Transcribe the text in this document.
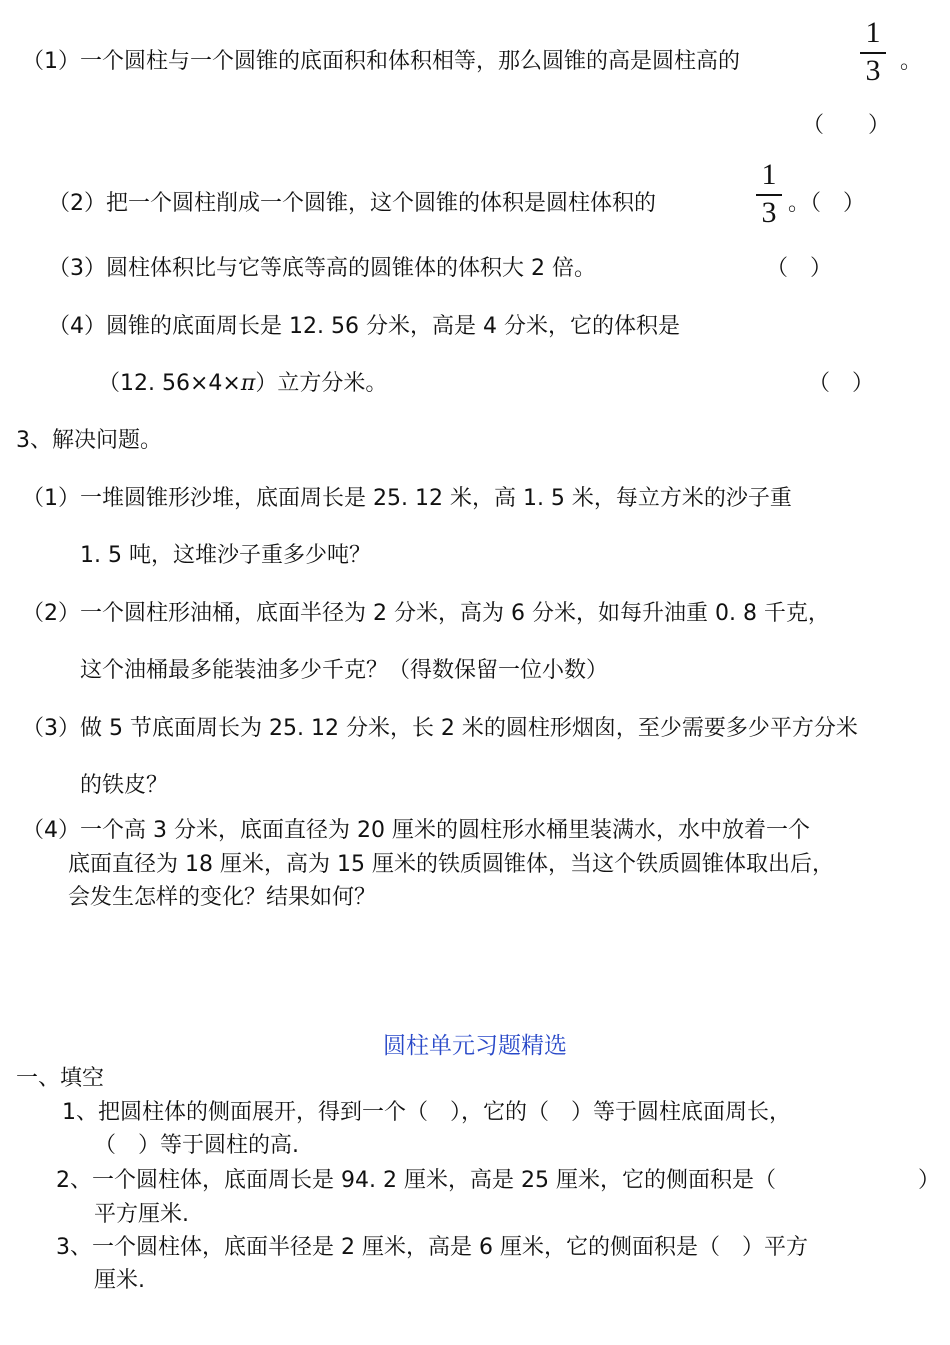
（1）一个圆柱与一个圆锥的底面积和体积相等，那么圆锥的高是圆柱高的
1
3 。
（　　）
（2）把一个圆柱削成一个圆锥，这个圆锥的体积是圆柱体积的
1
3 。（　）
（3）圆柱体积比与它等底等高的圆锥体的体积大 2 倍。	（　）
（4）圆锥的底面周长是 12. 56 分米，高是 4 分米，它的体积是
（12. 56×4×π）立方分米。	（　）
3、解决问题。
（1）一堆圆锥形沙堆，底面周长是 25. 12 米，高 1. 5 米，每立方米的沙子重
1. 5 吨，这堆沙子重多少吨？
（2）一个圆柱形油桶，底面半径为 2 分米，高为 6 分米，如每升油重 0. 8 千克，
这个油桶最多能装油多少千克？（得数保留一位小数）
（3）做 5 节底面周长为 25. 12 分米，长 2 米的圆柱形烟囱，至少需要多少平方分米
的铁皮？
（4）一个高 3 分米，底面直径为 20 厘米的圆柱形水桶里装满水，水中放着一个
底面直径为 18 厘米，高为 15 厘米的铁质圆锥体，当这个铁质圆锥体取出后，
会发生怎样的变化？结果如何？
圆柱单元习题精选
一、填空
1、把圆柱体的侧面展开，得到一个（　），它的（　）等于圆柱底面周长，
（　）等于圆柱的高.
2、一个圆柱体，底面周长是 94. 2 厘米，高是 25 厘米，它的侧面积是（	）
平方厘米.
3、一个圆柱体，底面半径是 2 厘米，高是 6 厘米，它的侧面积是（　）平方
厘米.
